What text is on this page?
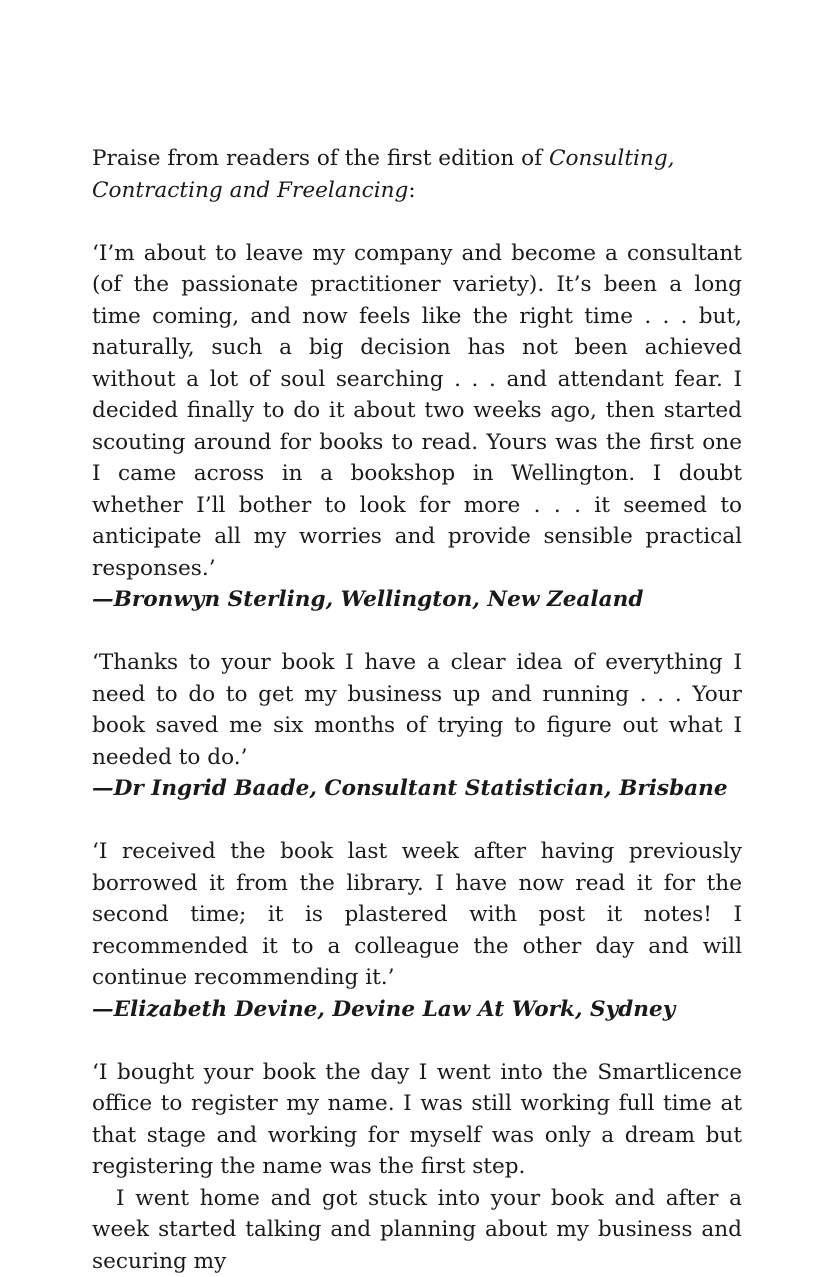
Praise from readers of the first edition of Consulting, Contracting and Freelancing:

‘I’m about to leave my company and become a consultant (of the passionate practitioner variety). It’s been a long time coming, and now feels like the right time . . . but, naturally, such a big decision has not been achieved without a lot of soul searching . . . and attendant fear. I decided finally to do it about two weeks ago, then started scouting around for books to read. Yours was the first one I came across in a bookshop in Wellington. I doubt whether I’ll bother to look for more . . . it seemed to anticipate all my worries and provide sensible practical responses.’

—Bronwyn Sterling, Wellington, New Zealand

‘Thanks to your book I have a clear idea of everything I need to do to get my business up and running . . . Your book saved me six months of trying to figure out what I needed to do.’

—Dr Ingrid Baade, Consultant Statistician, Brisbane

‘I received the book last week after having previously borrowed it from the library. I have now read it for the second time; it is plastered with post it notes! I recommended it to a colleague the other day and will continue recommending it.’

—Elizabeth Devine, Devine Law At Work, Sydney

‘I bought your book the day I went into the Smartlicence office to register my name. I was still working full time at that stage and working for myself was only a dream but registering the name was the first step.

I went home and got stuck into your book and after a week started talking and planning about my business and securing my
